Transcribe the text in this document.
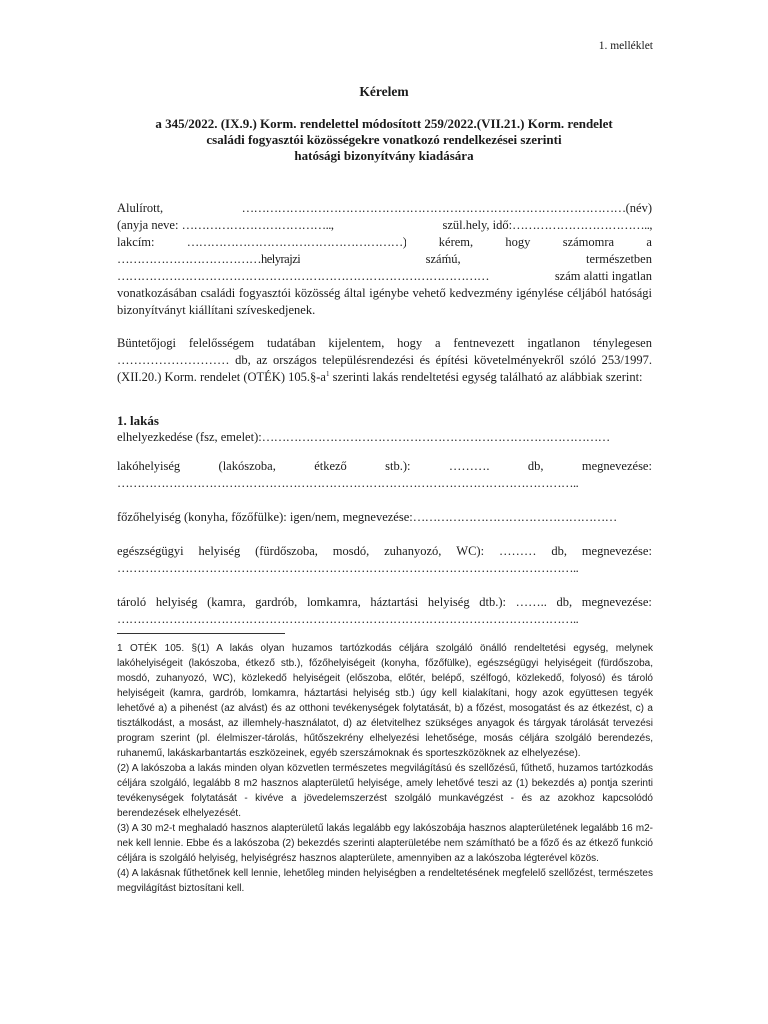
1. melléklet
Kérelem
a 345/2022. (IX.9.) Korm. rendelettel módosított 259/2022.(VII.21.) Korm. rendelet
családi fogyasztói közösségekre vonatkozó rendelkezései szerinti
hatósági bizonyítvány kiadására
Alulírott,	……………………………………………………………………………………(név)
(anyja neve: ………………………………..,	szül.hely, idő:……………………………..,
lakcím:	………………………………………………)	kérem,	hogy	számomra	a
………………………………helyrajzi	száḿú,	természetben
…………………………………………………………………………………	szám alatti ingatlan
vonatkozásában családi fogyasztói közösség által igénybe vehető kedvezmény igénylése céljából hatósági bizonyítványt kiállítani szíveskedjenek.
Büntetőjogi felelősségem tudatában kijelentem, hogy a fentnevezett ingatlanon ténylegesen ……………………… db, az országos településrendezési és építési követelményekről szóló 253/1997. (XII.20.) Korm. rendelet (OTÉK) $105.\S-a^1$ szerinti lakás rendeltetési egység található az alábbiak szerint:
1. lakás
elhelyezkedése (fsz, emelet): ……………………………………………………………………………
lakóhelyiség	(lakószoba,	étkező	stb.):	……….	db,	megnevezése:
……………………………………………………………………………………………………..
főzőhelyiség (konyha, főzőfülke): igen/nem, megnevezése: ……………………………………………
egészségügyi helyiség (fürdőszoba, mosdó, zuhanyozó, WC): ……… db, megnevezése:
……………………………………………………………………………………………………..
tároló helyiség (kamra, gardrób, lomkamra, háztartási helyiség dtb.): …….. db, megnevezése:
……………………………………………………………………………………………………..

1 OTÉK 105. §(1) A lakás olyan huzamos tartózkodás céljára szolgáló önálló rendeltetési egység, melynek lakóhelyiségeit (lakószoba, étkező stb.), főzőhelyiségeit (konyha, főzőfülke), egészségügyi helyiségeit (fürdőszoba, mosdó, zuhanyozó, WC), közlekedő helyiségeit (előszoba, előtér, belépő, szélfogó, közlekedő, folyosó) és tároló helyiségeit (kamra, gardrób, lomkamra, háztartási helyiség stb.) úgy kell kialakítani, hogy azok együttesen tegyék lehetővé a) a pihenést (az alvást) és az otthoni tevékenységek folytatását, b) a főzést, mosogatást és az étkezést, c) a tisztálkodást, a mosást, az illemhely-használatot, d) az életvitelhez szükséges anyagok és tárgyak tárolását tervezési program szerint (pl. élelmiszer-tárolás, hűtőszekrény elhelyezési lehetősége, mosás céljára szolgáló berendezés, ruhanemű, lakáskarbantartás eszközeinek, egyéb szerszámoknak és sporteszközöknek az elhelyezése).

(2) A lakószoba a lakás minden olyan közvetlen természetes megvilágítású és szellőzésű, fűthető, huzamos tartózkodás céljára szolgáló, legalább 8 m2 hasznos alapterületű helyisége, amely lehetővé teszi az (1) bekezdés a) pontja szerinti tevékenységek folytatását - kivéve a jövedelemszerzést szolgáló munkavégzést - és az azokhoz kapcsolódó berendezések elhelyezését.

(3) A 30 m2-t meghaladó hasznos alapterületű lakás legalább egy lakószobája hasznos alapterületének legalább 16 m2-nek kell lennie. Ebbe és a lakószoba (2) bekezdés szerinti alapterületébe nem számítható be a főző és az étkező funkció céljára is szolgáló helyiség, helyiségrész hasznos alapterülete, amennyiben az a lakószoba légterével közös.

(4) A lakásnak fűthetőnek kell lennie, lehetőleg minden helyiségben a rendeltetésének megfelelő szellőzést, természetes megvilágítást biztosítani kell.
